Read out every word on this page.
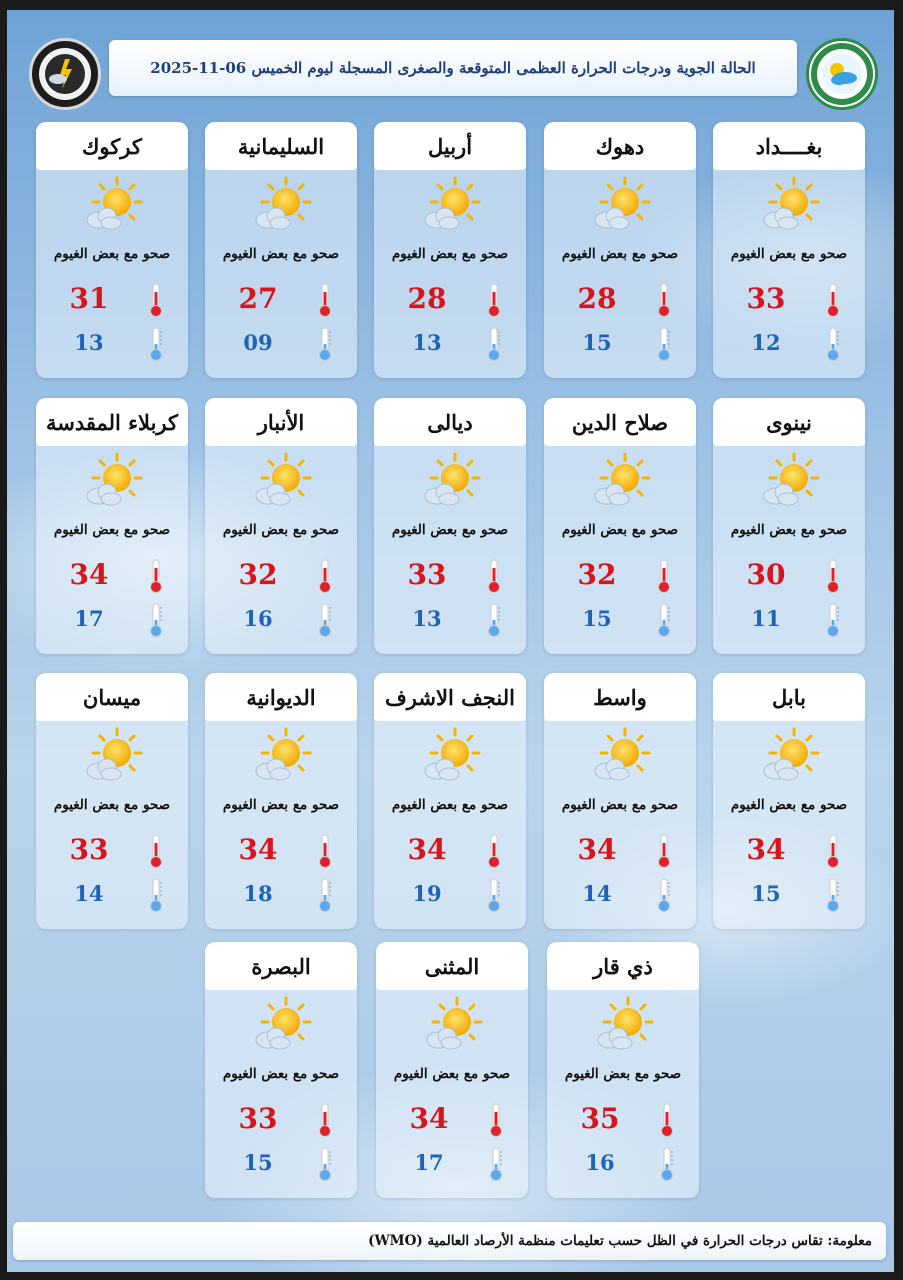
الحالة الجوية ودرجات الحرارة العظمى المتوقعة والصغرى المسجلة ليوم الخميس 06-11-2025
بغــــداد
صحو مع بعض الغيوم
33
12
دهوك
صحو مع بعض الغيوم
28
15
أربيل
صحو مع بعض الغيوم
28
13
السليمانية
صحو مع بعض الغيوم
27
09
كركوك
صحو مع بعض الغيوم
31
13
نينوى
صحو مع بعض الغيوم
30
11
صلاح الدين
صحو مع بعض الغيوم
32
15
ديالى
صحو مع بعض الغيوم
33
13
الأنبار
صحو مع بعض الغيوم
32
16
كربلاء المقدسة
صحو مع بعض الغيوم
34
17
بابل
صحو مع بعض الغيوم
34
15
واسط
صحو مع بعض الغيوم
34
14
النجف الاشرف
صحو مع بعض الغيوم
34
19
الديوانية
صحو مع بعض الغيوم
34
18
ميسان
صحو مع بعض الغيوم
33
14
ذي قار
صحو مع بعض الغيوم
35
16
المثنى
صحو مع بعض الغيوم
34
17
البصرة
صحو مع بعض الغيوم
33
15
معلومة: تقاس درجات الحرارة في الظل حسب تعليمات منظمة الأرصاد العالمية (WMO)
